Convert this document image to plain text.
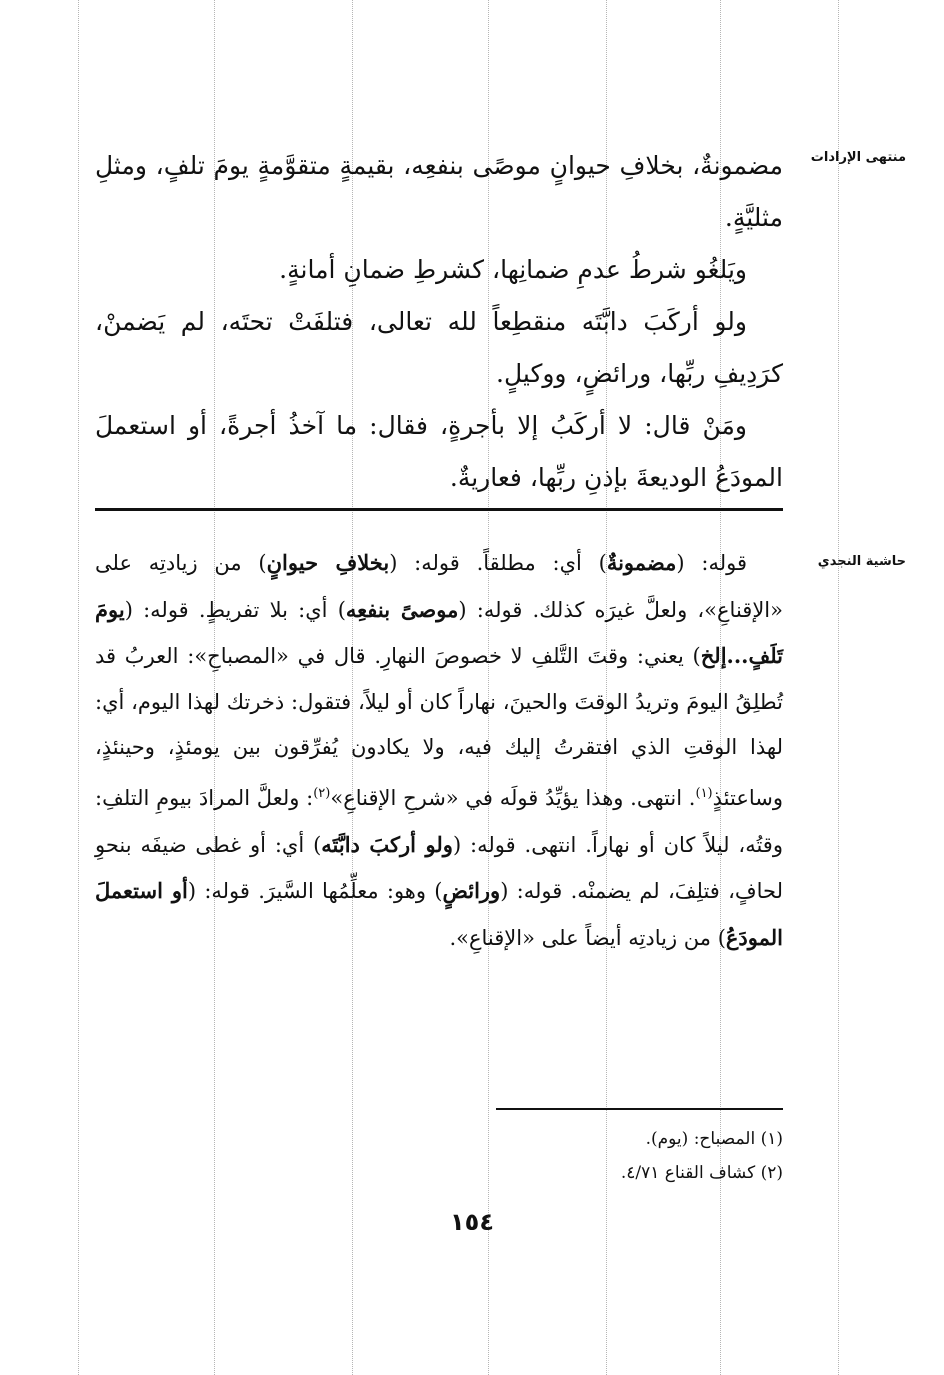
منتهى الإرادات
حاشية النجدي

مضمونةٌ، بخلافِ حيوانٍ موصًى بنفعِه، بقيمةٍ متقوَّمةٍ يومَ تلفٍ، ومثلِ مثليَّةٍ.

ويَلغُو شرطُ عدمِ ضمانِها، كشرطِ ضمانِ أمانةٍ.

ولو أركَبَ دابَّتَه منقطِعاً لله تعالى، فتلفَتْ تحتَه، لم يَضمنْ، كرَدِيفِ ربِّها، ورائضٍ، ووكيلٍ.

ومَنْ قال: لا أركَبُ إلا بأجرةٍ، فقال: ما آخذُ أجرةً، أو استعملَ المودَعُ الوديعةَ بإذنِ ربِّها، فعاريةٌ.

قوله: (مضمونةٌ) أي: مطلقاً. قوله: (بخلافِ حيوانٍ) من زيادتِه على «الإقناعِ»، ولعلَّ غيرَه كذلك. قوله: (موصىً بنفعِه) أي: بلا تفريطٍ. قوله: (يومَ تَلَفٍ...إلخ) يعني: وقتَ التَّلفِ لا خصوصَ النهارِ. قال في «المصباحِ»: العربُ قد تُطلِقُ اليومَ وتريدُ الوقتَ والحينَ، نهاراً كان أو ليلاً، فتقول: ذخرتك لهذا اليوم، أي: لهذا الوقتِ الذي افتقرتُ إليك فيه، ولا يكادون يُفرِّقون بين يومئذٍ، وحينئذٍ، وساعتئذٍ$^{(١)}$. انتهى. وهذا يؤيِّدُ قولَه في «شرحِ الإقناعِ»$^{(٢)}$: ولعلَّ المرادَ بيومِ التلفِ: وقتُه، ليلاً كان أو نهاراً. انتهى. قوله: (ولو أركبَ دابَّتَه) أي: أو غطى ضيفَه بنحوِ لحافٍ، فتلِفَ، لم يضمنْه. قوله: (ورائضٍ) وهو: معلِّمُها السَّيرَ. قوله: (أو استعملَ المودَعُ) من زيادتِه أيضاً على «الإقناعِ».

(١) المصباح: (يوم).
(٢) كشاف القناع ٤/٧١.
١٥٤
